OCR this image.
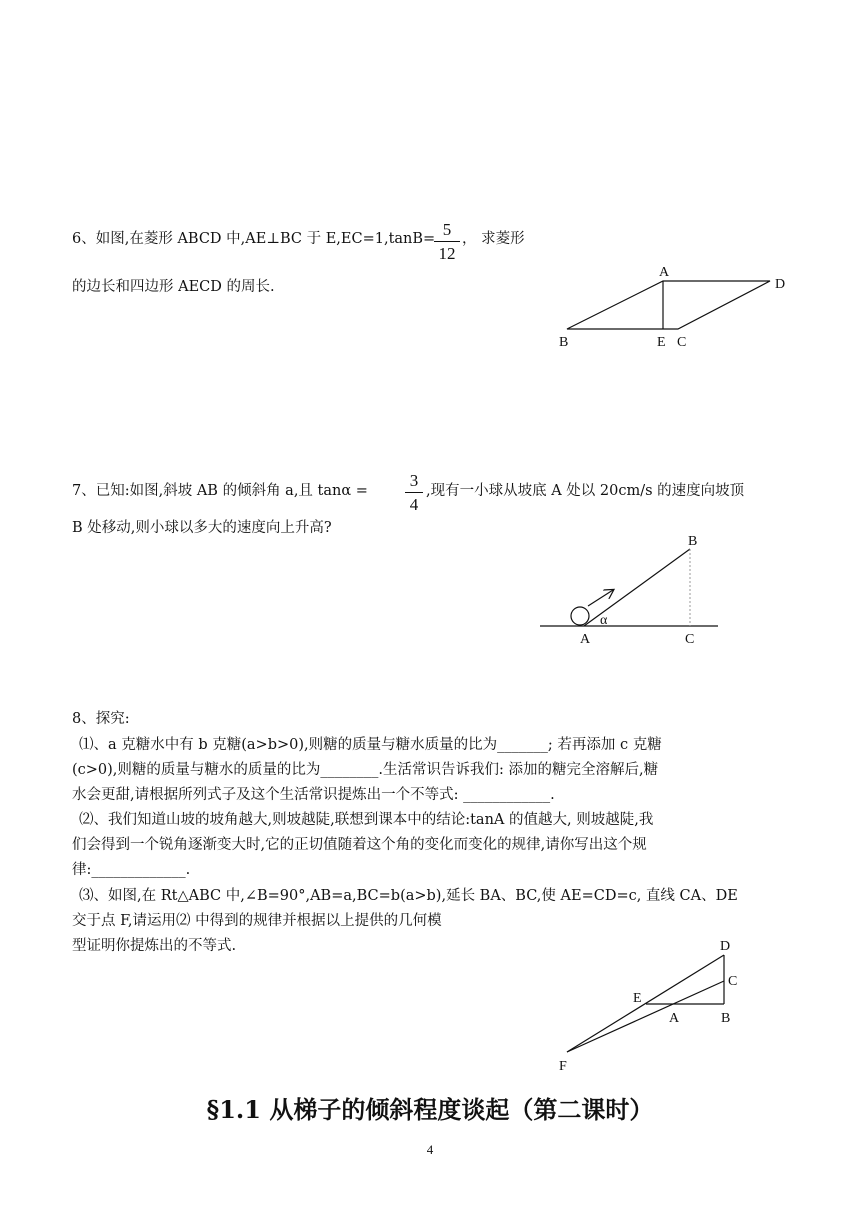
6、如图,在菱形 ABCD 中,AE⊥BC 于 E,EC=1,tanB= 5
12
， 求菱形
的边长和四边形 AECD 的周长.
A
D
B	E C
7、已知:如图,斜坡 AB 的倾斜角 a,且 tanα =
3
4
,现有一小球从坡底 A 处以 20cm/s 的速度向坡顶
B 处移动,则小球以多大的速度向上升高?
B
A	C
α
8、探究:
⑴、a 克糖水中有 b 克糖(a>b>0),则糖的质量与糖水质量的比为_______; 若再添加 c 克糖
(c>0),则糖的质量与糖水的质量的比为________.生活常识告诉我们: 添加的糖完全溶解后,糖
水会更甜,请根据所列式子及这个生活常识提炼出一个不等式: ____________.
⑵、我们知道山坡的坡角越大,则坡越陡,联想到课本中的结论:tanA 的值越大, 则坡越陡,我
们会得到一个锐角逐渐变大时,它的正切值随着这个角的变化而变化的规律,请你写出这个规
律:_____________.
⑶、如图,在 Rt△ABC 中,∠B=90°,AB=a,BC=b(a>b),延长 BA、BC,使 AE=CD=c, 直线 CA、DE
交于点 F,请运用⑵ 中得到的规律并根据以上提供的几何模
型证明你提炼出的不等式.	D
C
E
A	B
F
§1.1 从梯子的倾斜程度谈起（第二课时）
4
